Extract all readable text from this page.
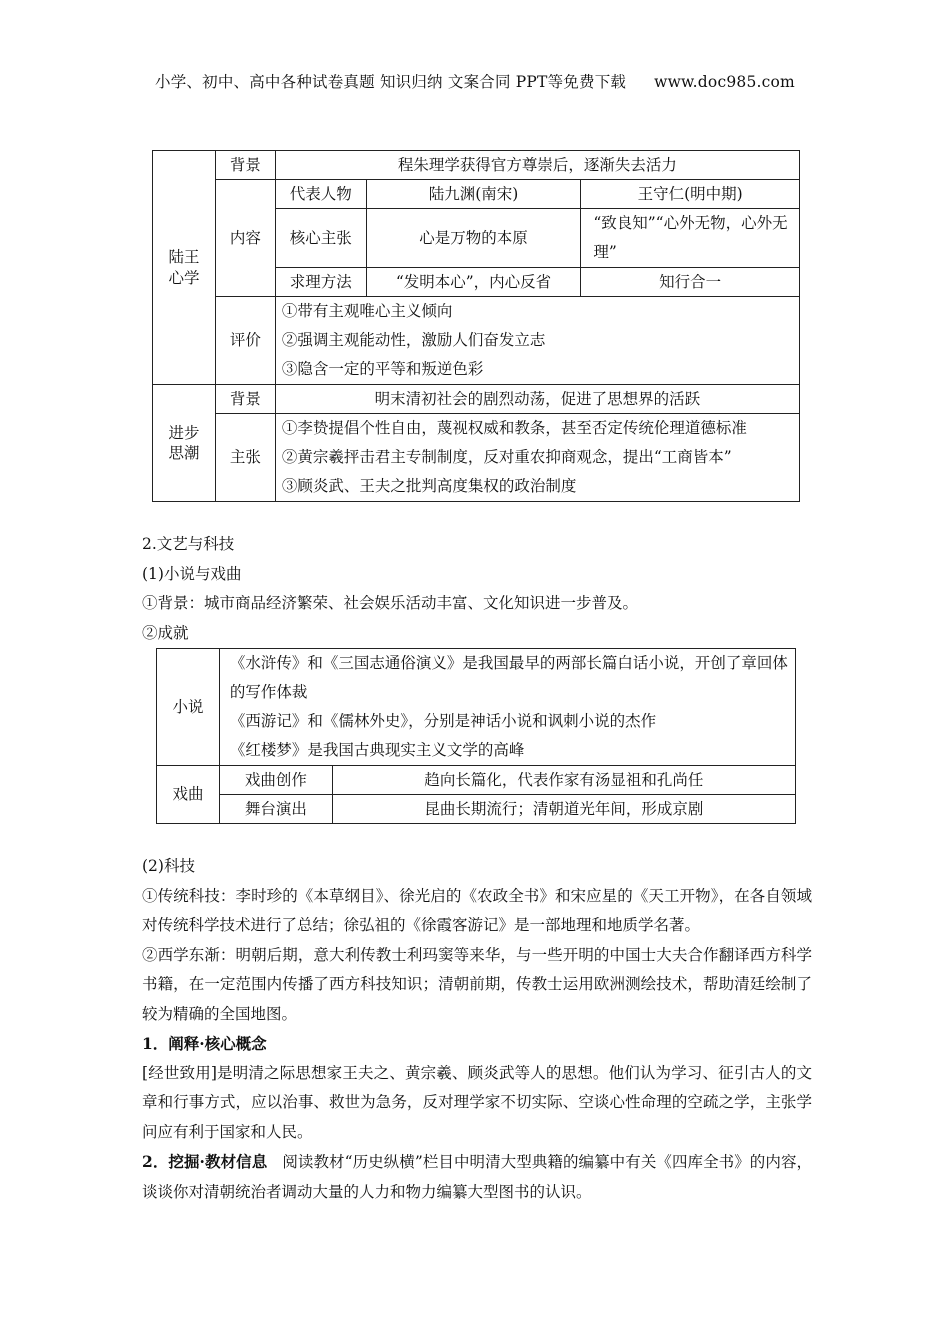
小学、初中、高中各种试卷真题 知识归纳 文案合同 PPT等免费下载 www.doc985.com
陆王
心学	背景	程朱理学获得官方尊崇后，逐渐失去活力		
	内容	代表人物	陆九渊(南宋)	王守仁(明中期)
		核心主张	心是万物的本原	“致良知”“心外无物，心外无理”
		求理方法	“发明本心”，内心反省	知行合一
	评价	①带有主观唯心主义倾向
②强调主观能动性，激励人们奋发立志
③隐含一定的平等和叛逆色彩		

进步
思潮	背景	明末清初社会的剧烈动荡，促进了思想界的活跃		
	主张	①李贽提倡个性自由，蔑视权威和教条，甚至否定传统伦理道德标准
②黄宗羲抨击君主专制制度，反对重农抑商观念，提出“工商皆本”
③顾炎武、王夫之批判高度集权的政治制度		

2.文艺与科技

(1)小说与戏曲

①背景：城市商品经济繁荣、社会娱乐活动丰富、文化知识进一步普及。

②成就

小说	《水浒传》和《三国志通俗演义》是我国最早的两部长篇白话小说，开创了章回体的写作体裁
《西游记》和《儒林外史》，分别是神话小说和讽刺小说的杰作
《红楼梦》是我国古典现实主义文学的高峰	

戏曲	戏曲创作	趋向长篇化，代表作家有汤显祖和孔尚任
	舞台演出	昆曲长期流行；清朝道光年间，形成京剧

(2)科技

①传统科技：李时珍的《本草纲目》、徐光启的《农政全书》和宋应星的《天工开物》，在各自领域对传统科学技术进行了总结；徐弘祖的《徐霞客游记》是一部地理和地质学名著。

②西学东渐：明朝后期，意大利传教士利玛窦等来华，与一些开明的中国士大夫合作翻译西方科学书籍，在一定范围内传播了西方科技知识；清朝前期，传教士运用欧洲测绘技术，帮助清廷绘制了较为精确的全国地图。

1．阐释·核心概念

[经世致用]是明清之际思想家王夫之、黄宗羲、顾炎武等人的思想。他们认为学习、征引古人的文章和行事方式，应以治事、救世为急务，反对理学家不切实际、空谈心性命理的空疏之学，主张学问应有利于国家和人民。

2．挖掘·教材信息 阅读教材“历史纵横”栏目中明清大型典籍的编纂中有关《四库全书》的内容，谈谈你对清朝统治者调动大量的人力和物力编纂大型图书的认识。
